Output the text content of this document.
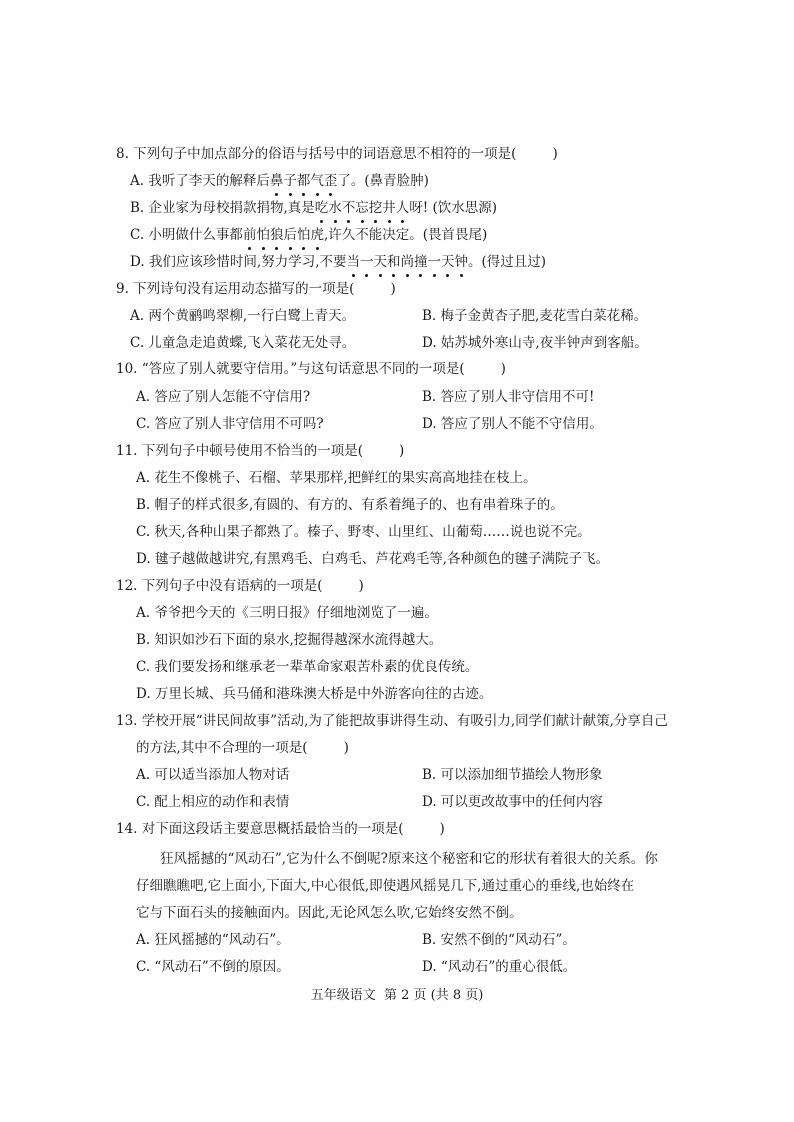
8. 下列句子中加点部分的俗语与括号中的词语意思不相符的一项是(	)
A. 我听了李天的解释后鼻子都气歪了。(鼻青脸肿)
B. 企业家为母校捐款捐物,真是吃水不忘挖井人呀! (饮水思源)
C. 小明做什么事都前怕狼后怕虎,许久不能决定。(畏首畏尾)
D. 我们应该珍惜时间,努力学习,不要当一天和尚撞一天钟。(得过且过)
9. 下列诗句没有运用动态描写的一项是(	)
A. 两个黄鹂鸣翠柳,一行白鹭上青天。	B. 梅子金黄杏子肥,麦花雪白菜花稀。
C. 儿童急走追黄蝶,飞入菜花无处寻。	D. 姑苏城外寒山寺,夜半钟声到客船。
10. “答应了别人就要守信用。”与这句话意思不同的一项是(	)
A. 答应了别人怎能不守信用?	B. 答应了别人非守信用不可!
C. 答应了别人非守信用不可吗?	D. 答应了别人不能不守信用。
11. 下列句子中顿号使用不恰当的一项是(	)
A. 花生不像桃子、石榴、苹果那样,把鲜红的果实高高地挂在枝上。
B. 帽子的样式很多,有圆的、有方的、有系着绳子的、也有串着珠子的。
C. 秋天,各种山果子都熟了。榛子、野枣、山里红、山葡萄……说也说不完。
D. 毽子越做越讲究,有黑鸡毛、白鸡毛、芦花鸡毛等,各种颜色的毽子满院子飞。
12. 下列句子中没有语病的一项是(	)
A. 爷爷把今天的《三明日报》仔细地浏览了一遍。
B. 知识如沙石下面的泉水,挖掘得越深水流得越大。
C. 我们要发扬和继承老一辈革命家艰苦朴素的优良传统。
D. 万里长城、兵马俑和港珠澳大桥是中外游客向往的古迹。
13. 学校开展“讲民间故事”活动,为了能把故事讲得生动、有吸引力,同学们献计献策,分享自己
的方法,其中不合理的一项是(	)
A. 可以适当添加人物对话	B. 可以添加细节描绘人物形象
C. 配上相应的动作和表情	D. 可以更改故事中的任何内容
14. 对下面这段话主要意思概括最恰当的一项是(	)
狂风摇撼的“风动石”,它为什么不倒呢?原来这个秘密和它的形状有着很大的关系。你
仔细瞧瞧吧,它上面小,下面大,中心很低,即使遇风摇晃几下,通过重心的垂线,也始终在
它与下面石头的接触面内。因此,无论风怎么吹,它始终安然不倒。
A. 狂风摇撼的“风动石”。	B. 安然不倒的“风动石”。
C. “风动石”不倒的原因。	D. “风动石”的重心很低。
五年级语文  第 2 页 (共 8 页)
